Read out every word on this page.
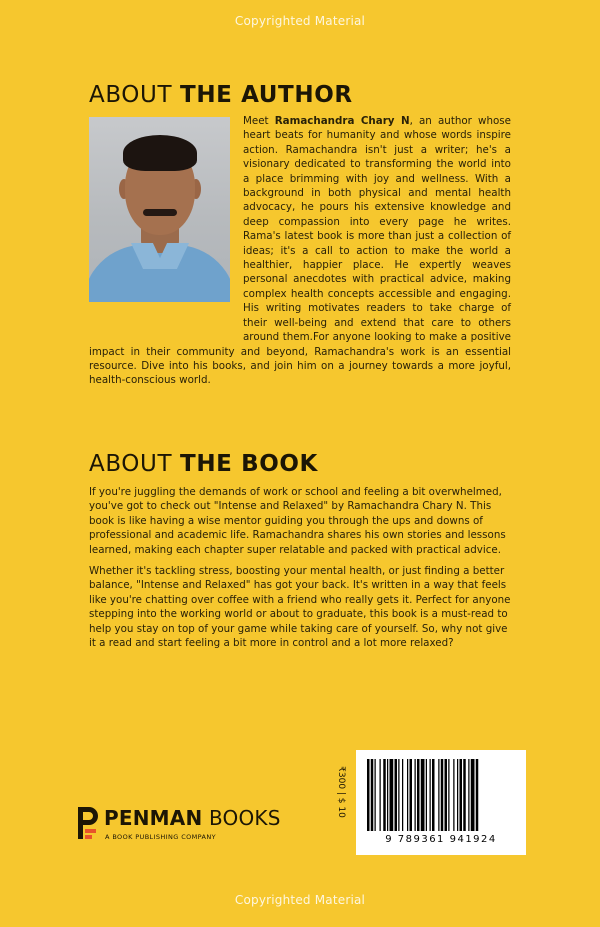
Copyrighted Material
ABOUT THE AUTHOR
Meet Ramachandra Chary N, an author whose heart beats for humanity and whose words inspire action. Ramachandra isn't just a writer; he's a visionary dedicated to transforming the world into a place brimming with joy and wellness. With a background in both physical and mental health advocacy, he pours his extensive knowledge and deep compassion into every page he writes. Rama's latest book is more than just a collection of ideas; it's a call to action to make the world a healthier, happier place. He expertly weaves personal anecdotes with practical advice, making complex health concepts accessible and engaging. His writing motivates readers to take charge of their well-being and extend that care to others around them.For anyone looking to make a positive impact in their community and beyond, Ramachandra's work is an essential resource. Dive into his books, and join him on a journey towards a more joyful, health-conscious world.
ABOUT THE BOOK

If you're juggling the demands of work or school and feeling a bit overwhelmed, you've got to check out "Intense and Relaxed" by Ramachandra Chary N. This book is like having a wise mentor guiding you through the ups and downs of professional and academic life. Ramachandra shares his own stories and lessons learned, making each chapter super relatable and packed with practical advice.

Whether it's tackling stress, boosting your mental health, or just finding a better balance, "Intense and Relaxed" has got your back. It's written in a way that feels like you're chatting over coffee with a friend who really gets it. Perfect for anyone stepping into the working world or about to graduate, this book is a must-read to help you stay on top of your game while taking care of yourself. So, why not give it a read and start feeling a bit more in control and a lot more relaxed?

PENMAN BOOKS
A BOOK PUBLISHING COMPANY
₹300 | $ 10
9 789361 941924
Copyrighted Material
